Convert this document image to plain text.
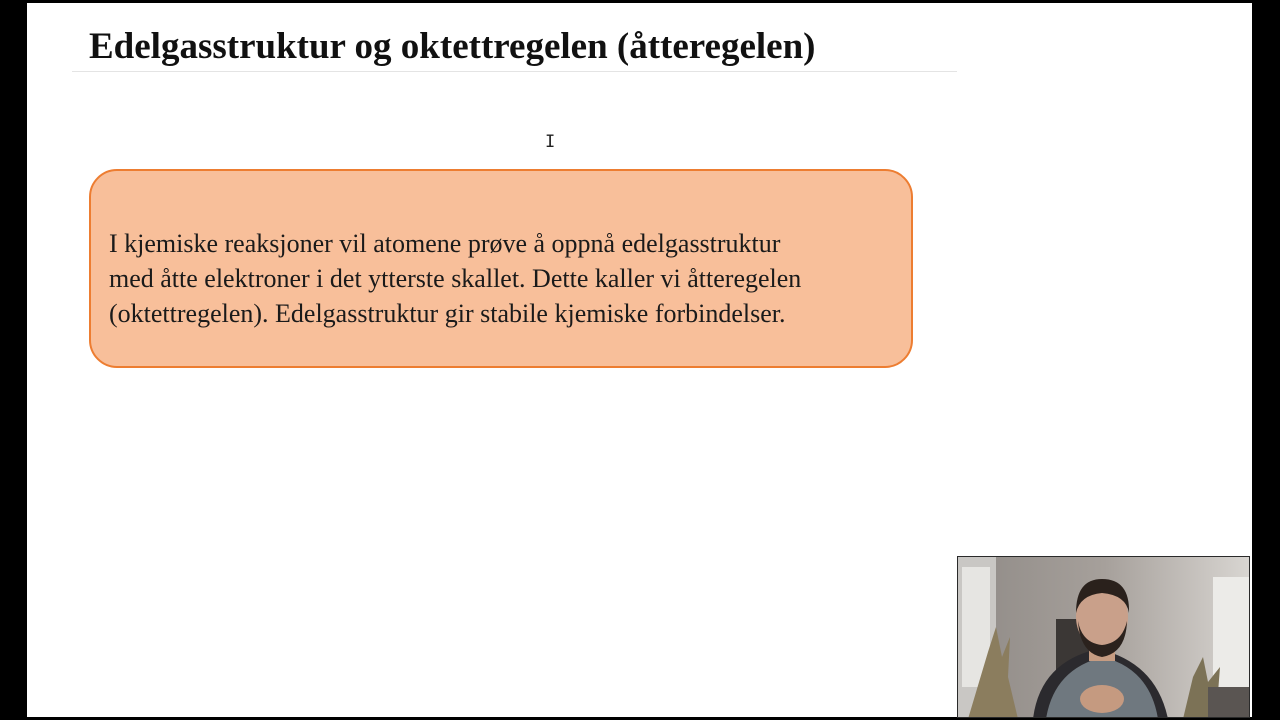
Edelgasstruktur og oktettregelen (åtteregelen)
I

I kjemiske reaksjoner vil atomene prøve å oppnå edelgasstruktur
med åtte elektroner i det ytterste skallet. Dette kaller vi åtteregelen
(oktettregelen). Edelgasstruktur gir stabile kjemiske forbindelser.
